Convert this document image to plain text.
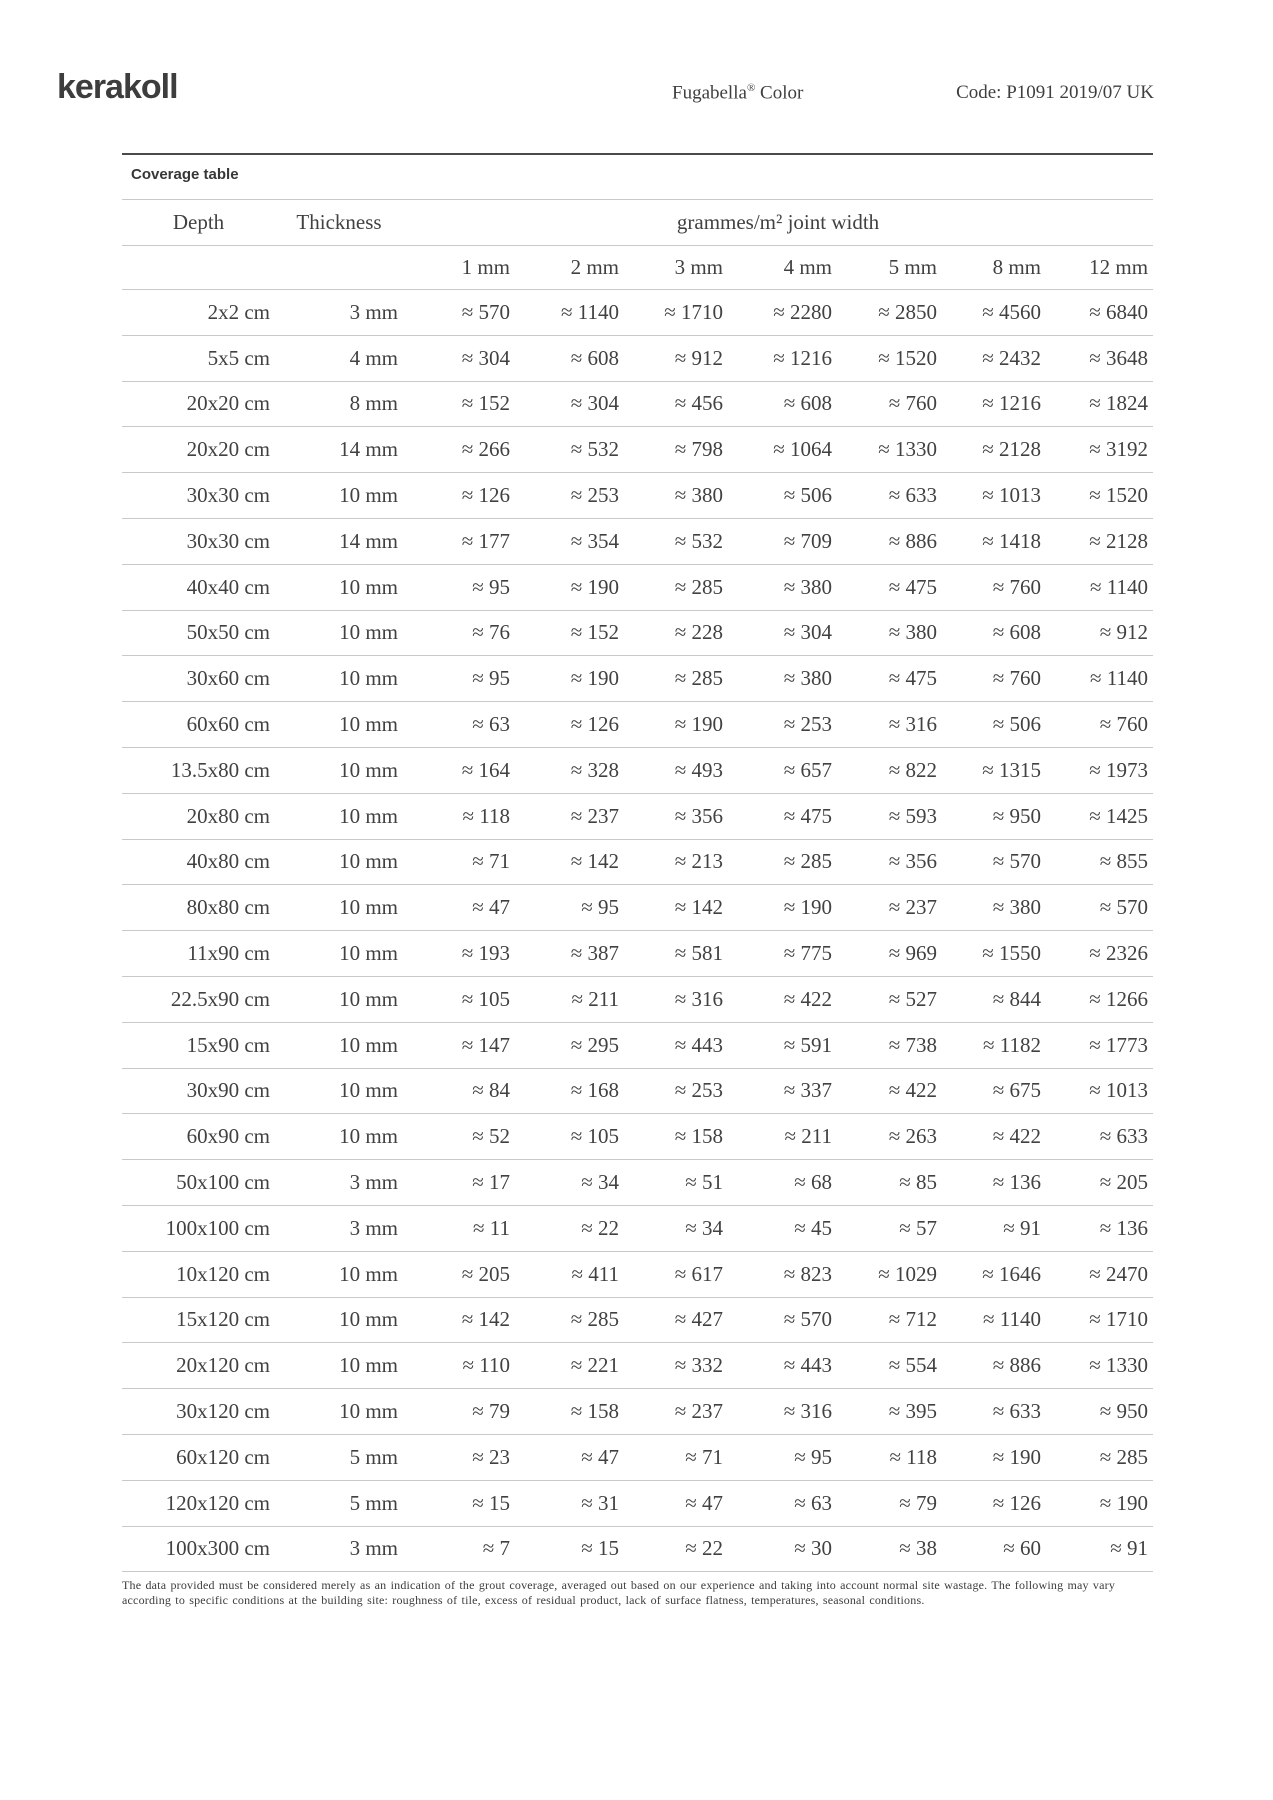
kerakoll	Fugabella® Color	Code: P1091 2019/07 UK
Coverage table
Depth	Thickness	grammes/m² joint width						
		1 mm	2 mm	3 mm	4 mm	5 mm	8 mm	12 mm
2x2 cm	3 mm	≈ 570	≈ 1140	≈ 1710	≈ 2280	≈ 2850	≈ 4560	≈ 6840
5x5 cm	4 mm	≈ 304	≈ 608	≈ 912	≈ 1216	≈ 1520	≈ 2432	≈ 3648
20x20 cm	8 mm	≈ 152	≈ 304	≈ 456	≈ 608	≈ 760	≈ 1216	≈ 1824
20x20 cm	14 mm	≈ 266	≈ 532	≈ 798	≈ 1064	≈ 1330	≈ 2128	≈ 3192
30x30 cm	10 mm	≈ 126	≈ 253	≈ 380	≈ 506	≈ 633	≈ 1013	≈ 1520
30x30 cm	14 mm	≈ 177	≈ 354	≈ 532	≈ 709	≈ 886	≈ 1418	≈ 2128
40x40 cm	10 mm	≈ 95	≈ 190	≈ 285	≈ 380	≈ 475	≈ 760	≈ 1140
50x50 cm	10 mm	≈ 76	≈ 152	≈ 228	≈ 304	≈ 380	≈ 608	≈ 912
30x60 cm	10 mm	≈ 95	≈ 190	≈ 285	≈ 380	≈ 475	≈ 760	≈ 1140
60x60 cm	10 mm	≈ 63	≈ 126	≈ 190	≈ 253	≈ 316	≈ 506	≈ 760
13.5x80 cm	10 mm	≈ 164	≈ 328	≈ 493	≈ 657	≈ 822	≈ 1315	≈ 1973
20x80 cm	10 mm	≈ 118	≈ 237	≈ 356	≈ 475	≈ 593	≈ 950	≈ 1425
40x80 cm	10 mm	≈ 71	≈ 142	≈ 213	≈ 285	≈ 356	≈ 570	≈ 855
80x80 cm	10 mm	≈ 47	≈ 95	≈ 142	≈ 190	≈ 237	≈ 380	≈ 570
11x90 cm	10 mm	≈ 193	≈ 387	≈ 581	≈ 775	≈ 969	≈ 1550	≈ 2326
22.5x90 cm	10 mm	≈ 105	≈ 211	≈ 316	≈ 422	≈ 527	≈ 844	≈ 1266
15x90 cm	10 mm	≈ 147	≈ 295	≈ 443	≈ 591	≈ 738	≈ 1182	≈ 1773
30x90 cm	10 mm	≈ 84	≈ 168	≈ 253	≈ 337	≈ 422	≈ 675	≈ 1013
60x90 cm	10 mm	≈ 52	≈ 105	≈ 158	≈ 211	≈ 263	≈ 422	≈ 633
50x100 cm	3 mm	≈ 17	≈ 34	≈ 51	≈ 68	≈ 85	≈ 136	≈ 205
100x100 cm	3 mm	≈ 11	≈ 22	≈ 34	≈ 45	≈ 57	≈ 91	≈ 136
10x120 cm	10 mm	≈ 205	≈ 411	≈ 617	≈ 823	≈ 1029	≈ 1646	≈ 2470
15x120 cm	10 mm	≈ 142	≈ 285	≈ 427	≈ 570	≈ 712	≈ 1140	≈ 1710
20x120 cm	10 mm	≈ 110	≈ 221	≈ 332	≈ 443	≈ 554	≈ 886	≈ 1330
30x120 cm	10 mm	≈ 79	≈ 158	≈ 237	≈ 316	≈ 395	≈ 633	≈ 950
60x120 cm	5 mm	≈ 23	≈ 47	≈ 71	≈ 95	≈ 118	≈ 190	≈ 285
120x120 cm	5 mm	≈ 15	≈ 31	≈ 47	≈ 63	≈ 79	≈ 126	≈ 190
100x300 cm	3 mm	≈ 7	≈ 15	≈ 22	≈ 30	≈ 38	≈ 60	≈ 91

The data provided must be considered merely as an indication of the grout coverage, averaged out based on our experience and taking into account normal site wastage. The following may vary according to specific conditions at the building site: roughness of tile, excess of residual product, lack of surface flatness, temperatures, seasonal conditions.
